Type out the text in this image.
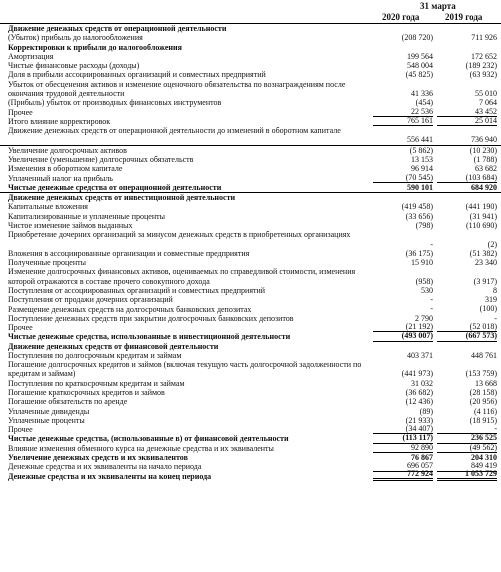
31 марта
2020 года	2019 года
Движение денежных средств от операционной деятельности
(Убыток) прибыль до налогообложения	(208 720)	711 926
Корректировки к прибыли до налогообложения
Амортизация	199 564	172 652
Чистые финансовые расходы (доходы)	548 004	(189 232)
Доля в прибыли ассоциированных организаций и совместных предприятий	(45 825)	(63 932)
Убыток от обесценения активов и изменение оценочного обязательства по вознаграждениям после окончания трудовой деятельности	41 336	55 010
(Прибыль) убыток от производных финансовых инструментов	(454)	7 064
Прочее	22 536	43 452
Итого влияние корректировок	765 161	25 014
Движение денежных средств от операционной деятельности до изменений в оборотном капитале
556 441	736 940
Увеличение долгосрочных активов	(5 862)	(10 230)
Увеличение (уменьшение) долгосрочных обязательств	13 153	(1 788)
Изменения в оборотном капитале	96 914	63 682
Уплаченный налог на прибыль	(70 545)	(103 684)
Чистые денежные средства от операционной деятельности	590 101	684 920
Движение денежных средств от инвестиционной деятельности
Капитальные вложения	(419 458)	(441 190)
Капитализированные и уплаченные проценты	(33 656)	(31 941)
Чистое изменение займов выданных	(798)	(110 690)
Приобретение дочерних организаций за минусом денежных средств в приобретенных организациях
-	(2)
Вложения в ассоциированные организации и совместные предприятия	(36 175)	(51 382)
Полученные проценты	15 910	23 340
Изменение долгосрочных финансовых активов, оцениваемых по справедливой стоимости, изменения которой отражаются в составе прочего совокупного дохода	(958)	(3 917)
Поступления от ассоциированных организаций и совместных предприятий	530	8
Поступления от продажи дочерних организаций	-	319
Размещение денежных средств на долгосрочных банковских депозитах	-	(100)
Поступление денежных средств при закрытии долгосрочных банковских депозитов	2 790	-
Прочее	(21 192)	(52 018)
Чистые денежные средства, использованные в инвестиционной деятельности	(493 007)	(667 573)
Движение денежных средств от финансовой деятельности
Поступления по долгосрочным кредитам и займам	403 371	448 761
Погашение долгосрочных кредитов и займов (включая текущую часть долгосрочной задолженности по кредитам и займам)	(441 973)	(153 759)
Поступления по краткосрочным кредитам и займам	31 032	13 668
Погашение краткосрочных кредитов и займов	(36 682)	(28 158)
Погашение обязательств по аренде	(12 436)	(20 956)
Уплаченные дивиденды	(89)	(4 116)
Уплаченные проценты	(21 933)	(18 915)
Прочее	(34 407)	-
Чистые денежные средства, (использованные в) от финансовой деятельности	(113 117)	236 525
Влияние изменения обменного курса на денежные средства и их эквиваленты	92 890	(49 562)
Увеличение денежных средств и их эквивалентов	76 867	204 310
Денежные средства и их эквиваленты на начало периода	696 057	849 419
Денежные средства и их эквиваленты на конец периода	772 924	1 053 729
